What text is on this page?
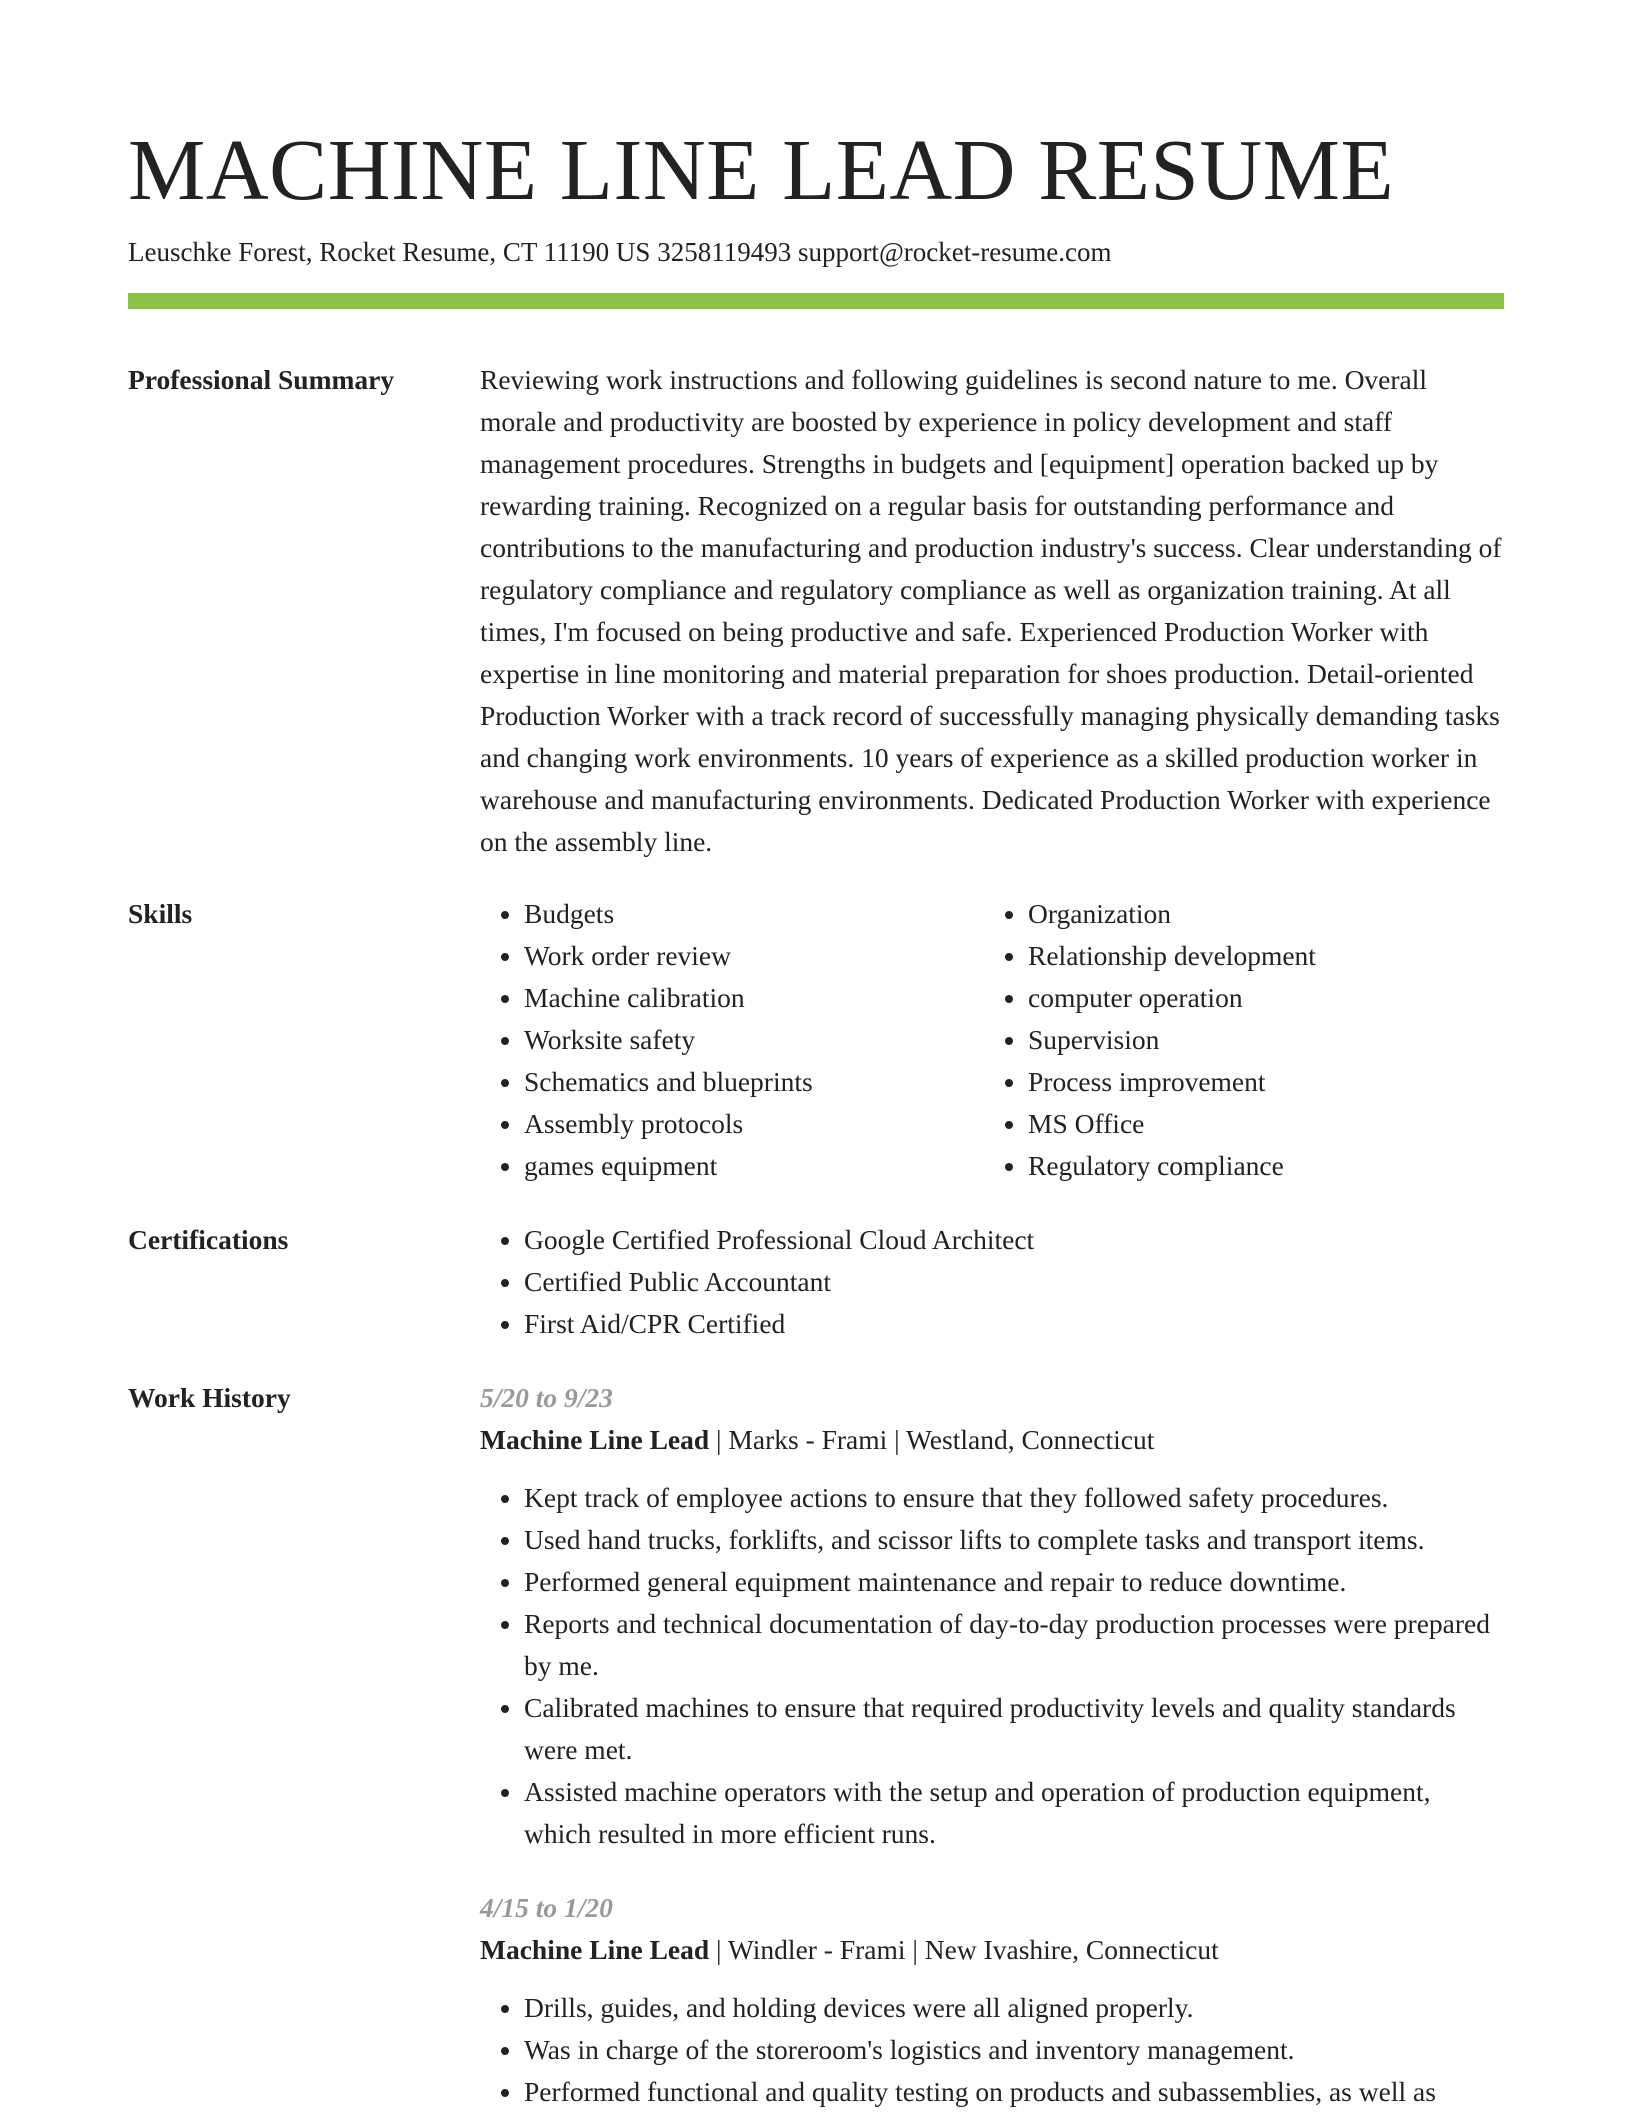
MACHINE LINE LEAD RESUME
Leuschke Forest, Rocket Resume, CT 11190 US 3258119493 support@rocket-resume.com
Professional Summary	Reviewing work instructions and following guidelines is second nature to me. Overall morale and productivity are boosted by experience in policy development and staff management procedures. Strengths in budgets and [equipment] operation backed up by rewarding training. Recognized on a regular basis for outstanding performance and contributions to the manufacturing and production industry's success. Clear understanding of regulatory compliance and regulatory compliance as well as organization training. At all times, I'm focused on being productive and safe. Experienced Production Worker with expertise in line monitoring and material preparation for shoes production. Detail-oriented Production Worker with a track record of successfully managing physically demanding tasks and changing work environments. 10 years of experience as a skilled production worker in warehouse and manufacturing environments. Dedicated Production Worker with experience on the assembly line.
Skills	• Budgets
• Work order review
• Machine calibration
• Worksite safety
• Schematics and blueprints
• Assembly protocols
• games equipment
• Organization
• Relationship development
• computer operation
• Supervision
• Process improvement
• MS Office
• Regulatory compliance
Certifications	• Google Certified Professional Cloud Architect
• Certified Public Accountant
• First Aid/CPR Certified
Work History	5/20 to 9/23
Machine Line Lead | Marks - Frami | Westland, Connecticut
• Kept track of employee actions to ensure that they followed safety procedures.
• Used hand trucks, forklifts, and scissor lifts to complete tasks and transport items.
• Performed general equipment maintenance and repair to reduce downtime.
• Reports and technical documentation of day-to-day production processes were prepared by me.
• Calibrated machines to ensure that required productivity levels and quality standards were met.
• Assisted machine operators with the setup and operation of production equipment, which resulted in more efficient runs.
4/15 to 1/20
Machine Line Lead | Windler - Frami | New Ivashire, Connecticut
• Drills, guides, and holding devices were all aligned properly.
• Was in charge of the storeroom's logistics and inventory management.
• Performed functional and quality testing on products and subassemblies, as well as
